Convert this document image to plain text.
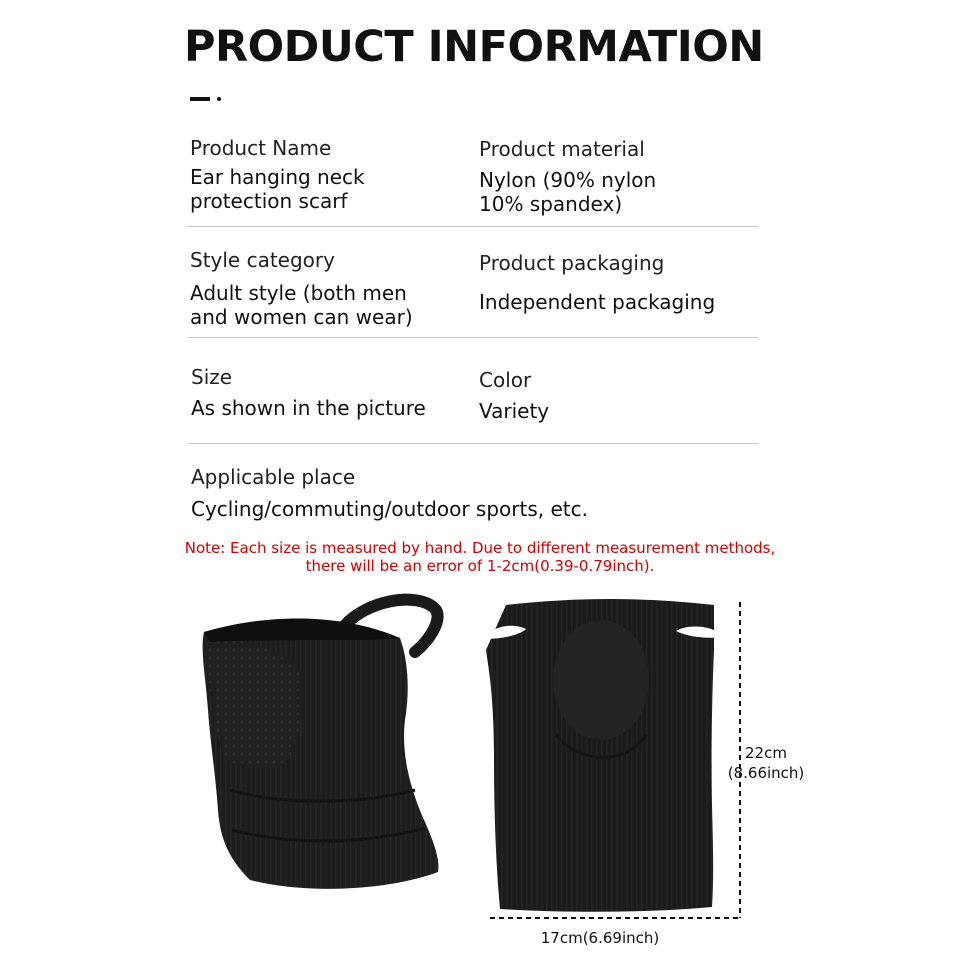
PRODUCT INFORMATION
Product Name
Ear hanging neck
protection scarf
Product material
Nylon (90% nylon
10% spandex)
Style category
Adult style (both men
and women can wear)
Product packaging
Independent packaging
Size
As shown in the picture
Color
Variety
Applicable place
Cycling/commuting/outdoor sports, etc.
Note: Each size is measured by hand. Due to different measurement methods,
there will be an error of 1-2cm(0.39-0.79inch).
22cm
(8.66inch)
17cm(6.69inch)
